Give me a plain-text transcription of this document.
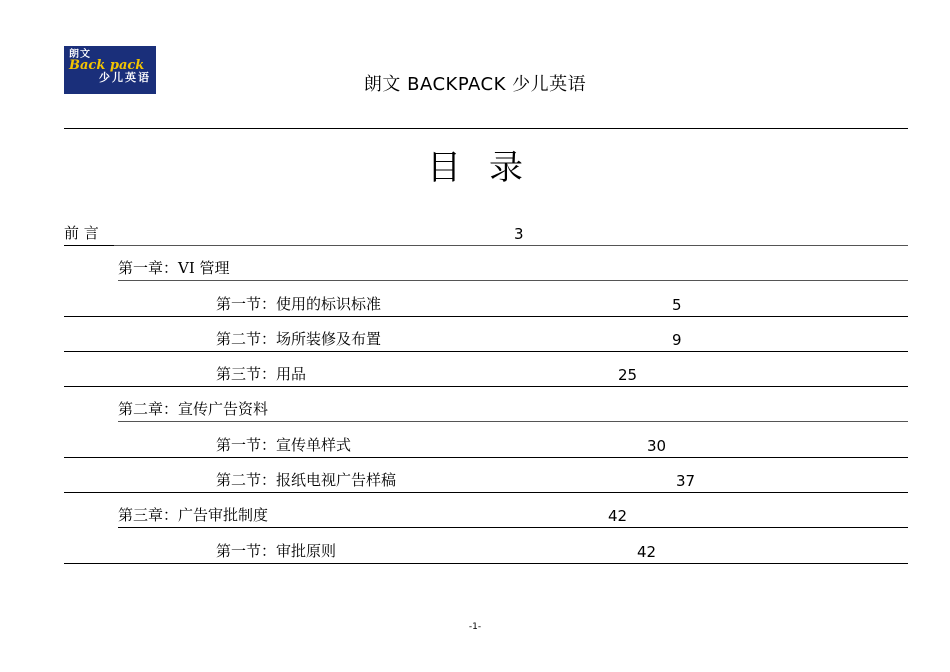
朗文
Back pack
少儿英语	朗文 BACKPACK 少儿英语
目录
前 言	3
第一章：VI 管理
第一节：使用的标识标准	5
第二节：场所装修及布置	9
第三节：用品	25
第二章：宣传广告资料
第一节：宣传单样式	30
第二节：报纸电视广告样稿	37
第三章：广告审批制度	42
第一节：审批原则	42
-1-
